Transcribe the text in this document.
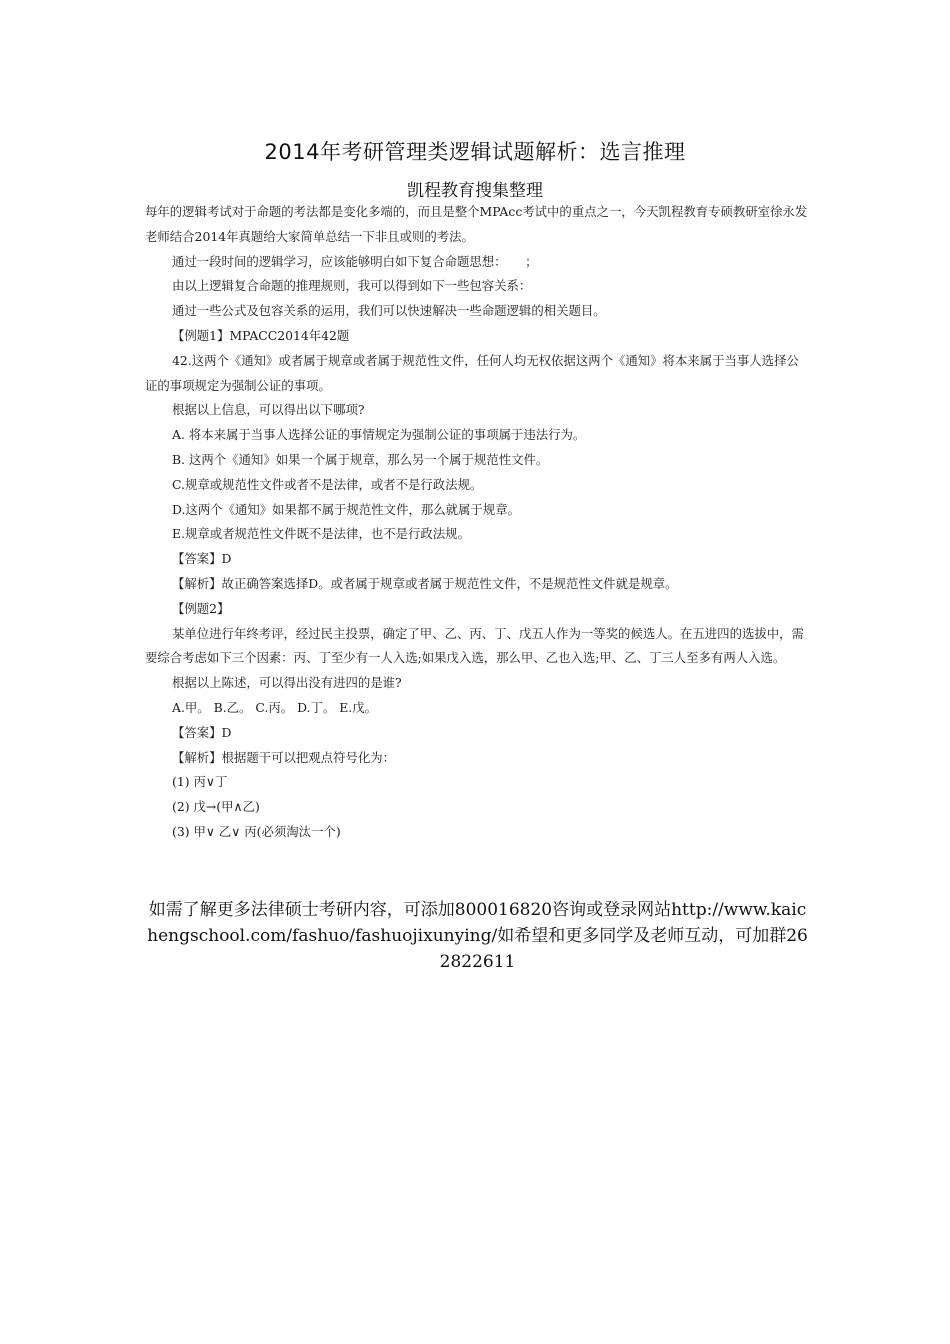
2014年考研管理类逻辑试题解析：选言推理
凯程教育搜集整理

每年的逻辑考试对于命题的考法都是变化多端的，而且是整个MPAcc考试中的重点之一，今天凯程教育专硕教研室徐永发老师结合2014年真题给大家简单总结一下非且或则的考法。

通过一段时间的逻辑学习，应该能够明白如下复合命题思想：　　；

由以上逻辑复合命题的推理规则，我可以得到如下一些包容关系：

通过一些公式及包容关系的运用，我们可以快速解决一些命题逻辑的相关题目。

【例题1】MPACC2014年42题

42.这两个《通知》或者属于规章或者属于规范性文件，任何人均无权依据这两个《通知》将本来属于当事人选择公证的事项规定为强制公证的事项。

根据以上信息，可以得出以下哪项?

A. 将本来属于当事人选择公证的事情规定为强制公证的事项属于违法行为。

B. 这两个《通知》如果一个属于规章，那么另一个属于规范性文件。

C.规章或规范性文件或者不是法律，或者不是行政法规。

D.这两个《通知》如果都不属于规范性文件，那么就属于规章。

E.规章或者规范性文件既不是法律，也不是行政法规。

【答案】D

【解析】故正确答案选择D。或者属于规章或者属于规范性文件，不是规范性文件就是规章。

【例题2】

某单位进行年终考评，经过民主投票，确定了甲、乙、丙、丁、戊五人作为一等奖的候选人。在五进四的选拔中，需要综合考虑如下三个因素：丙、丁至少有一人入选;如果戊入选，那么甲、乙也入选;甲、乙、丁三人至多有两人入选。

根据以上陈述，可以得出没有进四的是谁?

A.甲。 B.乙。 C.丙。 D.丁。 E.戊。

【答案】D

【解析】根据题干可以把观点符号化为：

(1) 丙∨丁

(2) 戊→(甲∧乙)

(3) 甲∨ 乙∨ 丙(必须淘汰一个)

如需了解更多法律硕士考研内容，可添加800016820咨询或登录网站http://www.kaichengschool.com/fashuo/fashuojixunying/如希望和更多同学及老师互动，可加群262822611
